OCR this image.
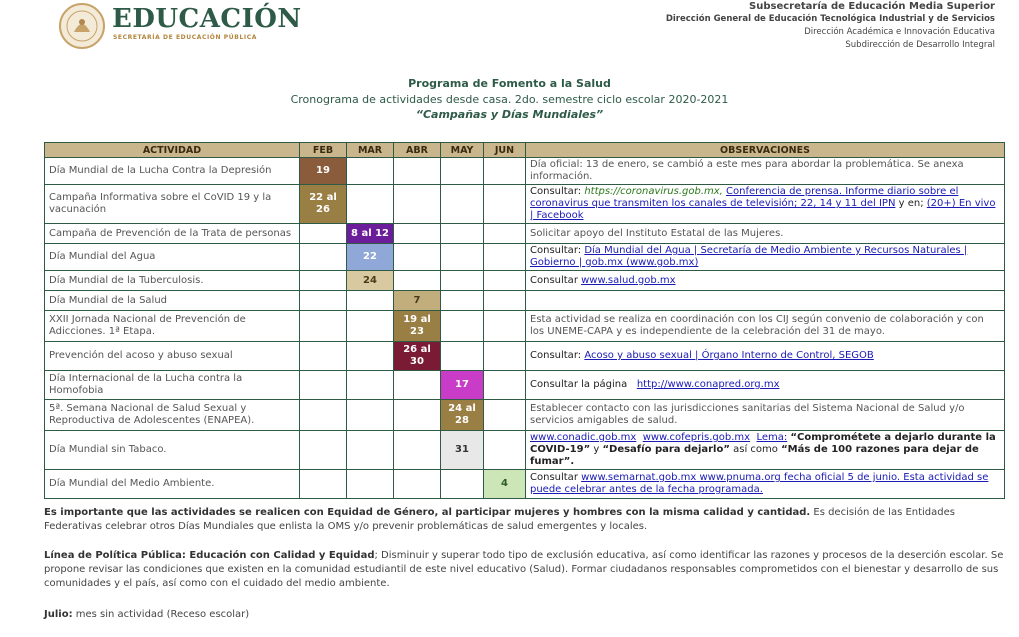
EDUCACIÓN
SECRETARÍA DE EDUCACIÓN PÚBLICA
Subsecretaría de Educación Media Superior
Dirección General de Educación Tecnológica Industrial y de Servicios
Dirección Académica e Innovación Educativa
Subdirección de Desarrollo Integral
Programa de Fomento a la Salud
Cronograma de actividades desde casa. 2do. semestre ciclo escolar 2020-2021
“Campañas y Días Mundiales”
ACTIVIDAD	FEB	MAR	ABR	MAY	JUN	OBSERVACIONES
Día Mundial de la Lucha Contra la Depresión	19					Día oficial: 13 de enero, se cambió a este mes para abordar la problemática. Se anexa información.
Campaña Informativa sobre el CoVID 19 y la vacunación	22 al 26					Consultar: https://coronavirus.gob.mx, Conferencia de prensa. Informe diario sobre el coronavirus que transmiten los canales de televisión; 22, 14 y 11 del IPN y en; (20+) En vivo | Facebook
Campaña de Prevención de la Trata de personas		8 al 12				Solicitar apoyo del Instituto Estatal de las Mujeres.
Día Mundial del Agua		22				Consultar: Día Mundial del Agua | Secretaría de Medio Ambiente y Recursos Naturales | Gobierno | gob.mx (www.gob.mx)
Día Mundial de la Tuberculosis.		24				Consultar www.salud.gob.mx
Día Mundial de la Salud			7			
XXII Jornada Nacional de Prevención de Adicciones. 1ª Etapa.			19 al 23			Esta actividad se realiza en coordinación con los CIJ según convenio de colaboración y con los UNEME-CAPA y es independiente de la celebración del 31 de mayo.
Prevención del acoso y abuso sexual			26 al 30			Consultar: Acoso y abuso sexual | Órgano Interno de Control, SEGOB
Día Internacional de la Lucha contra la Homofobia				17		Consultar la página http://www.conapred.org.mx
5ª. Semana Nacional de Salud Sexual y Reproductiva de Adolescentes (ENAPEA).				24 al 28		Establecer contacto con las jurisdicciones sanitarias del Sistema Nacional de Salud y/o servicios amigables de salud.
Día Mundial sin Tabaco.				31		www.conadic.gob.mx www.cofepris.gob.mx Lema: “Comprométete a dejarlo durante la COVID-19” y “Desafío para dejarlo” así como “Más de 100 razones para dejar de fumar”.
Día Mundial del Medio Ambiente.					4	Consultar www.semarnat.gob.mx www.pnuma.org fecha oficial 5 de junio. Esta actividad se puede celebrar antes de la fecha programada.
Es importante que las actividades se realicen con Equidad de Género, al participar mujeres y hombres con la misma calidad y cantidad. Es decisión de las Entidades Federativas celebrar otros Días Mundiales que enlista la OMS y/o prevenir problemáticas de salud emergentes y locales.
Línea de Política Pública: Educación con Calidad y Equidad; Disminuir y superar todo tipo de exclusión educativa, así como identificar las razones y procesos de la deserción escolar. Se propone revisar las condiciones que existen en la comunidad estudiantil de este nivel educativo (Salud). Formar ciudadanos responsables comprometidos con el bienestar y desarrollo de sus comunidades y el país, así como con el cuidado del medio ambiente.
Julio: mes sin actividad (Receso escolar)
